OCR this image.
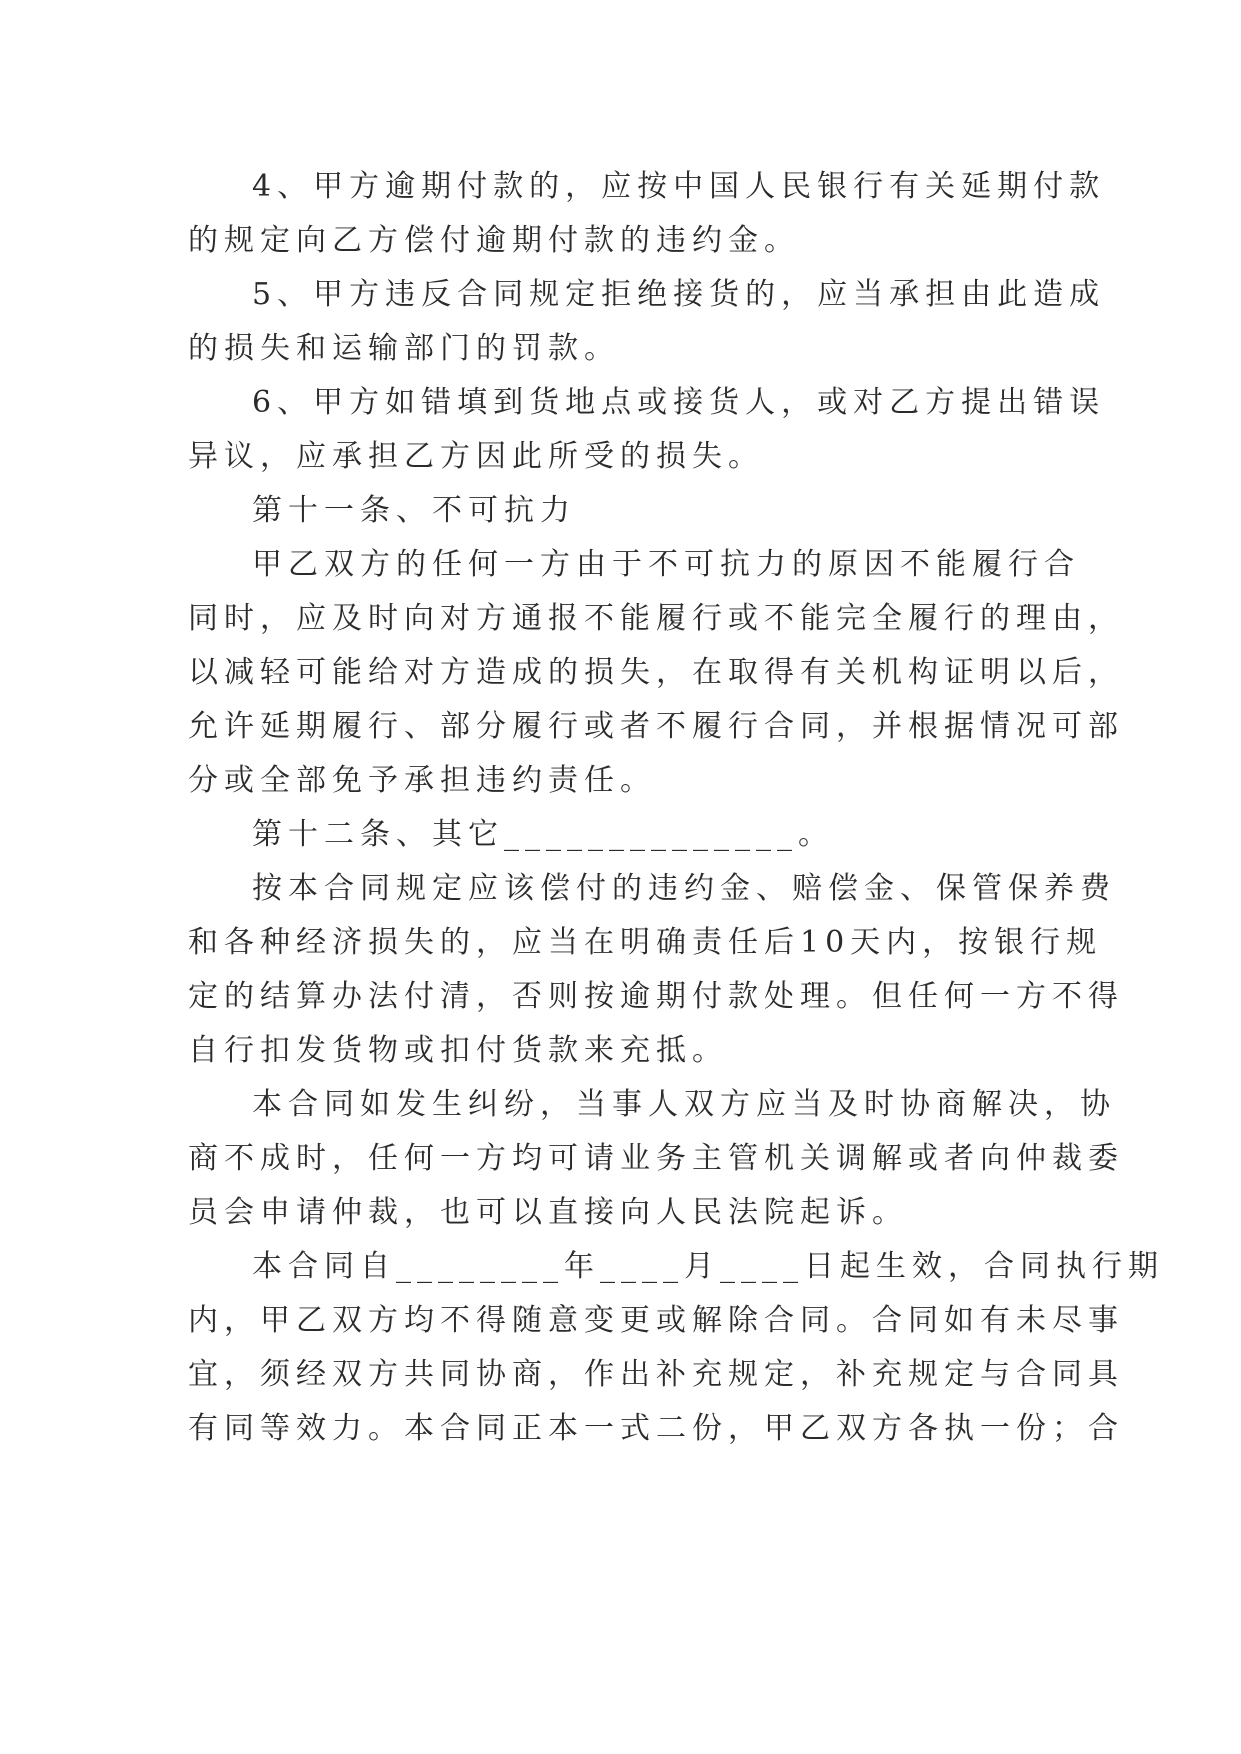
4、甲方逾期付款的，应按中国人民银行有关延期付款
的规定向乙方偿付逾期付款的违约金。
5、甲方违反合同规定拒绝接货的，应当承担由此造成
的损失和运输部门的罚款。
6、甲方如错填到货地点或接货人，或对乙方提出错误
异议，应承担乙方因此所受的损失。
第十一条、不可抗力
甲乙双方的任何一方由于不可抗力的原因不能履行合
同时，应及时向对方通报不能履行或不能完全履行的理由，
以减轻可能给对方造成的损失，在取得有关机构证明以后，
允许延期履行、部分履行或者不履行合同，并根据情况可部
分或全部免予承担违约责任。
第十二条、其它______________。
按本合同规定应该偿付的违约金、赔偿金、保管保养费
和各种经济损失的，应当在明确责任后10天内，按银行规
定的结算办法付清，否则按逾期付款处理。但任何一方不得
自行扣发货物或扣付货款来充抵。
本合同如发生纠纷，当事人双方应当及时协商解决，协
商不成时，任何一方均可请业务主管机关调解或者向仲裁委
员会申请仲裁，也可以直接向人民法院起诉。
本合同自________年____月____日起生效，合同执行期
内，甲乙双方均不得随意变更或解除合同。合同如有未尽事
宜，须经双方共同协商，作出补充规定，补充规定与合同具
有同等效力。本合同正本一式二份，甲乙双方各执一份；合
